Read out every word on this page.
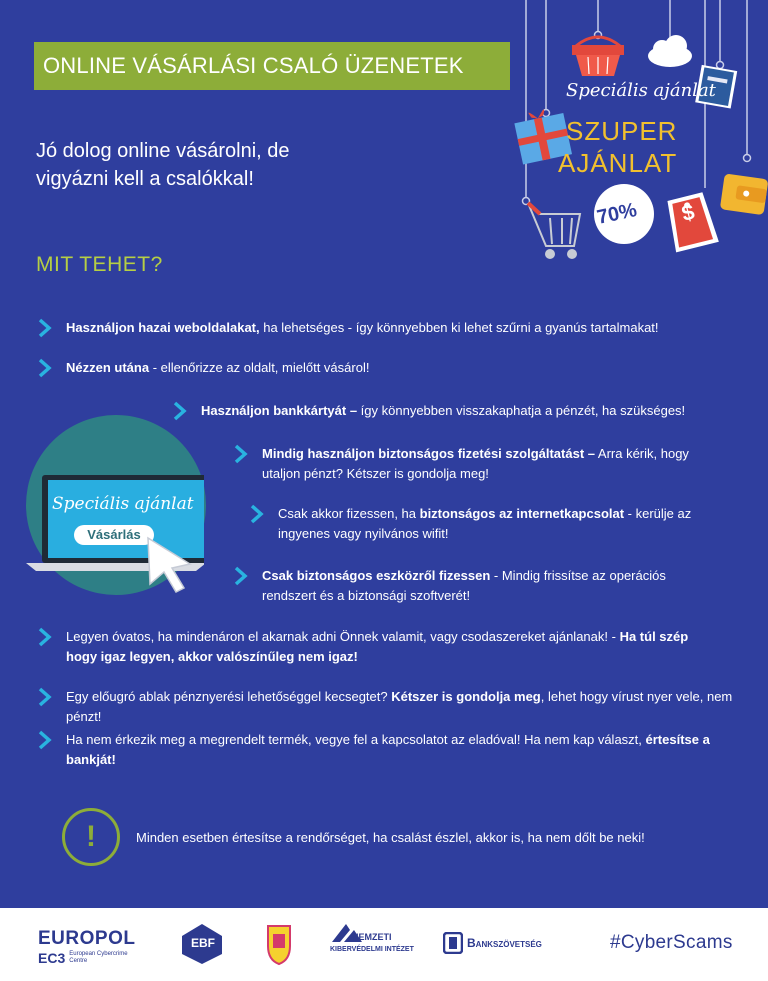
ONLINE VÁSÁRLÁSI CSALÓ ÜZENETEK
Speciális ajánlat
SZUPER
AJÁNLAT
70% $
Jó dolog online vásárolni, de
vigyázni kell a csalókkal!
MIT TEHET?
Speciális ajánlat
Vásárlás
Használjon hazai weboldalakat, ha lehetséges - így könnyebben ki lehet szűrni a gyanús tartalmakat!
Nézzen utána - ellenőrizze az oldalt, mielőtt vásárol!
Használjon bankkártyát – így könnyebben visszakaphatja a pénzét, ha szükséges!
Mindig használjon biztonságos fizetési szolgáltatást – Arra kérik, hogy utaljon pénzt? Kétszer is gondolja meg!
Csak akkor fizessen, ha biztonságos az internetkapcsolat - kerülje az ingyenes vagy nyilvános wifit!
Csak biztonságos eszközről fizessen - Mindig frissítse az operációs rendszert és a biztonsági szoftverét!
Legyen óvatos, ha mindenáron el akarnak adni Önnek valamit, vagy csodaszereket ajánlanak! - Ha túl szép hogy igaz legyen, akkor valószínűleg nem igaz!
Egy előugró ablak pénznyerési lehetőséggel kecsegtet? Kétszer is gondolja meg, lehet hogy vírust nyer vele, nem pénzt!
Ha nem érkezik meg a megrendelt termék, vegye fel a kapcsolatot az eladóval! Ha nem kap választ, értesítse a bankját!
!	Minden esetben értesítse a rendőrséget, ha csalást észlel, akkor is, ha nem dőlt be neki!
EUROPOL
EC3 European Cybercrime Centre
EBF	NEMZETI
KIBERVÉDELMI INTÉZET	Bankszövetség	#CyberScams
